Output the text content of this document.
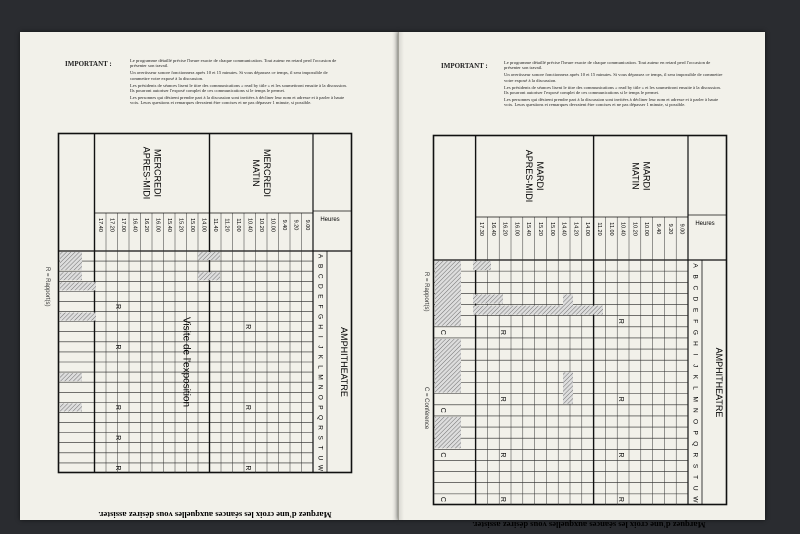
IMPORTANT :	Le programme détaillé précise l'heure exacte de chaque communication. Tout auteur en retard perd l'occasion de présenter son travail.

Un avertisseur sonore fonctionnera après 10 et 15 minutes. Si vous dépassez ce temps, il sera impossible de commettre votre exposé à la discussion.

Les présidents de séances lisent le titre des communications « read by title » et les soumettront ensuite à la discussion. Ils pourront autoriser l'exposé complet de ces communications si le temps le permet.

Les personnes qui désirent prendre part à la discussion sont invitées à décliner leur nom et adresse et à parler à haute voix. Leurs questions et remarques devraient être concises et ne pas dépasser 1 minute, si possible.

A
B
C
D
E
F
G
H
I
J
K
L
M
N
O
P
Q
R
S
T
U
W
AMPHITHEATRE
Heures
9.00
9.20
9.40
10.00
10.20
10.40
11.00
11.20
11.40
MERCREDI
MATIN
14.00
15.00
15.20
15.40
16.00
16.20
16.40
17.00
17.20
17.40
MERCREDI
APRES-MIDI
R
R
R
R
R
R
R
R
Visite de l'exposition
R = Rapport(s)
Marquez d'une croix les séances auxquelles vous désirez assister.
IMPORTANT :	Le programme détaillé précise l'heure exacte de chaque communication. Tout auteur en retard perd l'occasion de présenter son travail.

Un avertisseur sonore fonctionnera après 10 et 15 minutes. Si vous dépassez ce temps, il sera impossible de commettre votre exposé à la discussion.

Les présidents de séances lisent le titre des communications « read by title » et les soumettront ensuite à la discussion. Ils pourront autoriser l'exposé complet de ces communications si le temps le permet.

Les personnes qui désirent prendre part à la discussion sont invitées à décliner leur nom et adresse et à parler à haute voix. Leurs questions et remarques devraient être concises et ne pas dépasser 1 minute, si possible.

A
B
C
D
E
F
G
H
I
J
K
L
M
N
O
P
Q
R
S
T
U
W
AMPHITHEATRE
Heures
9.00
9.20
9.40
10.00
10.20
10.40
11.00
11.20
MARDI
MATIN
14.00
14.20
14.40
15.00
15.20
15.40
16.00
16.20
16.40
17.30
MARDI
APRES-MIDI
C
C
C
C
R
R
R
R
R
R
R
R
R = Rapport(s)
C = Conférence
Marquez d'une croix les séances auxquelles vous désirez assister.
